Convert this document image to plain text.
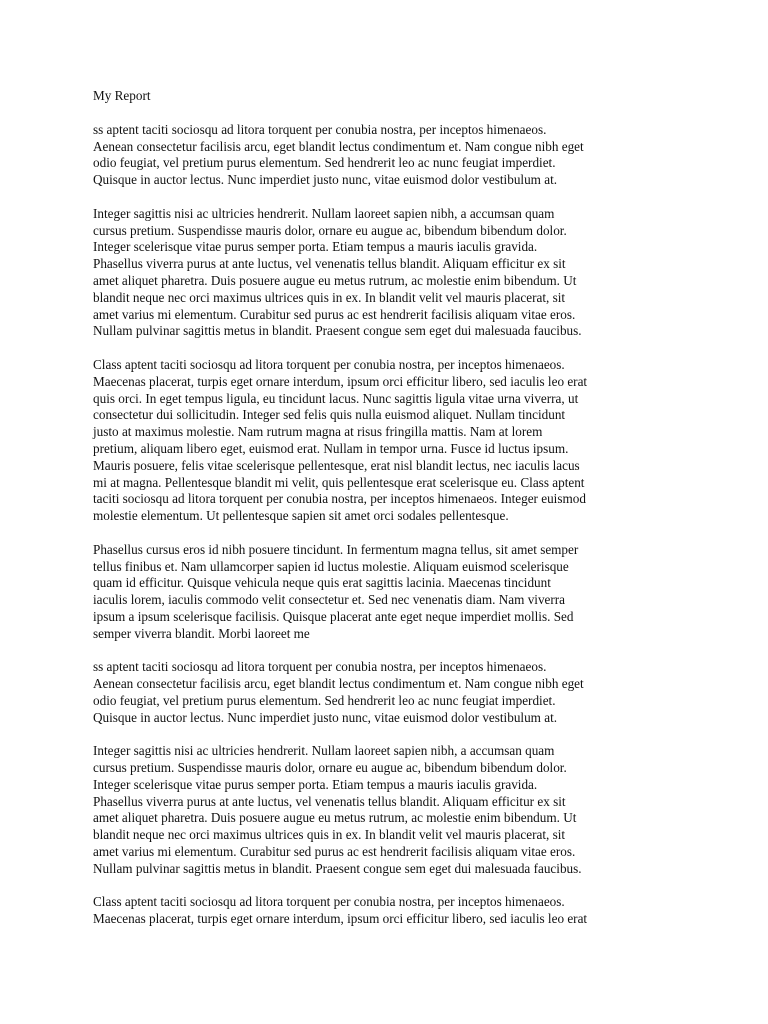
My Report

ss aptent taciti sociosqu ad litora torquent per conubia nostra, per inceptos himenaeos.
Aenean consectetur facilisis arcu, eget blandit lectus condimentum et. Nam congue nibh eget
odio feugiat, vel pretium purus elementum. Sed hendrerit leo ac nunc feugiat imperdiet.
Quisque in auctor lectus. Nunc imperdiet justo nunc, vitae euismod dolor vestibulum at.

Integer sagittis nisi ac ultricies hendrerit. Nullam laoreet sapien nibh, a accumsan quam
cursus pretium. Suspendisse mauris dolor, ornare eu augue ac, bibendum bibendum dolor.
Integer scelerisque vitae purus semper porta. Etiam tempus a mauris iaculis gravida.
Phasellus viverra purus at ante luctus, vel venenatis tellus blandit. Aliquam efficitur ex sit
amet aliquet pharetra. Duis posuere augue eu metus rutrum, ac molestie enim bibendum. Ut
blandit neque nec orci maximus ultrices quis in ex. In blandit velit vel mauris placerat, sit
amet varius mi elementum. Curabitur sed purus ac est hendrerit facilisis aliquam vitae eros.
Nullam pulvinar sagittis metus in blandit. Praesent congue sem eget dui malesuada faucibus.

Class aptent taciti sociosqu ad litora torquent per conubia nostra, per inceptos himenaeos.
Maecenas placerat, turpis eget ornare interdum, ipsum orci efficitur libero, sed iaculis leo erat
quis orci. In eget tempus ligula, eu tincidunt lacus. Nunc sagittis ligula vitae urna viverra, ut
consectetur dui sollicitudin. Integer sed felis quis nulla euismod aliquet. Nullam tincidunt
justo at maximus molestie. Nam rutrum magna at risus fringilla mattis. Nam at lorem
pretium, aliquam libero eget, euismod erat. Nullam in tempor urna. Fusce id luctus ipsum.
Mauris posuere, felis vitae scelerisque pellentesque, erat nisl blandit lectus, nec iaculis lacus
mi at magna. Pellentesque blandit mi velit, quis pellentesque erat scelerisque eu. Class aptent
taciti sociosqu ad litora torquent per conubia nostra, per inceptos himenaeos. Integer euismod
molestie elementum. Ut pellentesque sapien sit amet orci sodales pellentesque.

Phasellus cursus eros id nibh posuere tincidunt. In fermentum magna tellus, sit amet semper
tellus finibus et. Nam ullamcorper sapien id luctus molestie. Aliquam euismod scelerisque
quam id efficitur. Quisque vehicula neque quis erat sagittis lacinia. Maecenas tincidunt
iaculis lorem, iaculis commodo velit consectetur et. Sed nec venenatis diam. Nam viverra
ipsum a ipsum scelerisque facilisis. Quisque placerat ante eget neque imperdiet mollis. Sed
semper viverra blandit. Morbi laoreet me

ss aptent taciti sociosqu ad litora torquent per conubia nostra, per inceptos himenaeos.
Aenean consectetur facilisis arcu, eget blandit lectus condimentum et. Nam congue nibh eget
odio feugiat, vel pretium purus elementum. Sed hendrerit leo ac nunc feugiat imperdiet.
Quisque in auctor lectus. Nunc imperdiet justo nunc, vitae euismod dolor vestibulum at.

Integer sagittis nisi ac ultricies hendrerit. Nullam laoreet sapien nibh, a accumsan quam
cursus pretium. Suspendisse mauris dolor, ornare eu augue ac, bibendum bibendum dolor.
Integer scelerisque vitae purus semper porta. Etiam tempus a mauris iaculis gravida.
Phasellus viverra purus at ante luctus, vel venenatis tellus blandit. Aliquam efficitur ex sit
amet aliquet pharetra. Duis posuere augue eu metus rutrum, ac molestie enim bibendum. Ut
blandit neque nec orci maximus ultrices quis in ex. In blandit velit vel mauris placerat, sit
amet varius mi elementum. Curabitur sed purus ac est hendrerit facilisis aliquam vitae eros.
Nullam pulvinar sagittis metus in blandit. Praesent congue sem eget dui malesuada faucibus.

Class aptent taciti sociosqu ad litora torquent per conubia nostra, per inceptos himenaeos.
Maecenas placerat, turpis eget ornare interdum, ipsum orci efficitur libero, sed iaculis leo erat
